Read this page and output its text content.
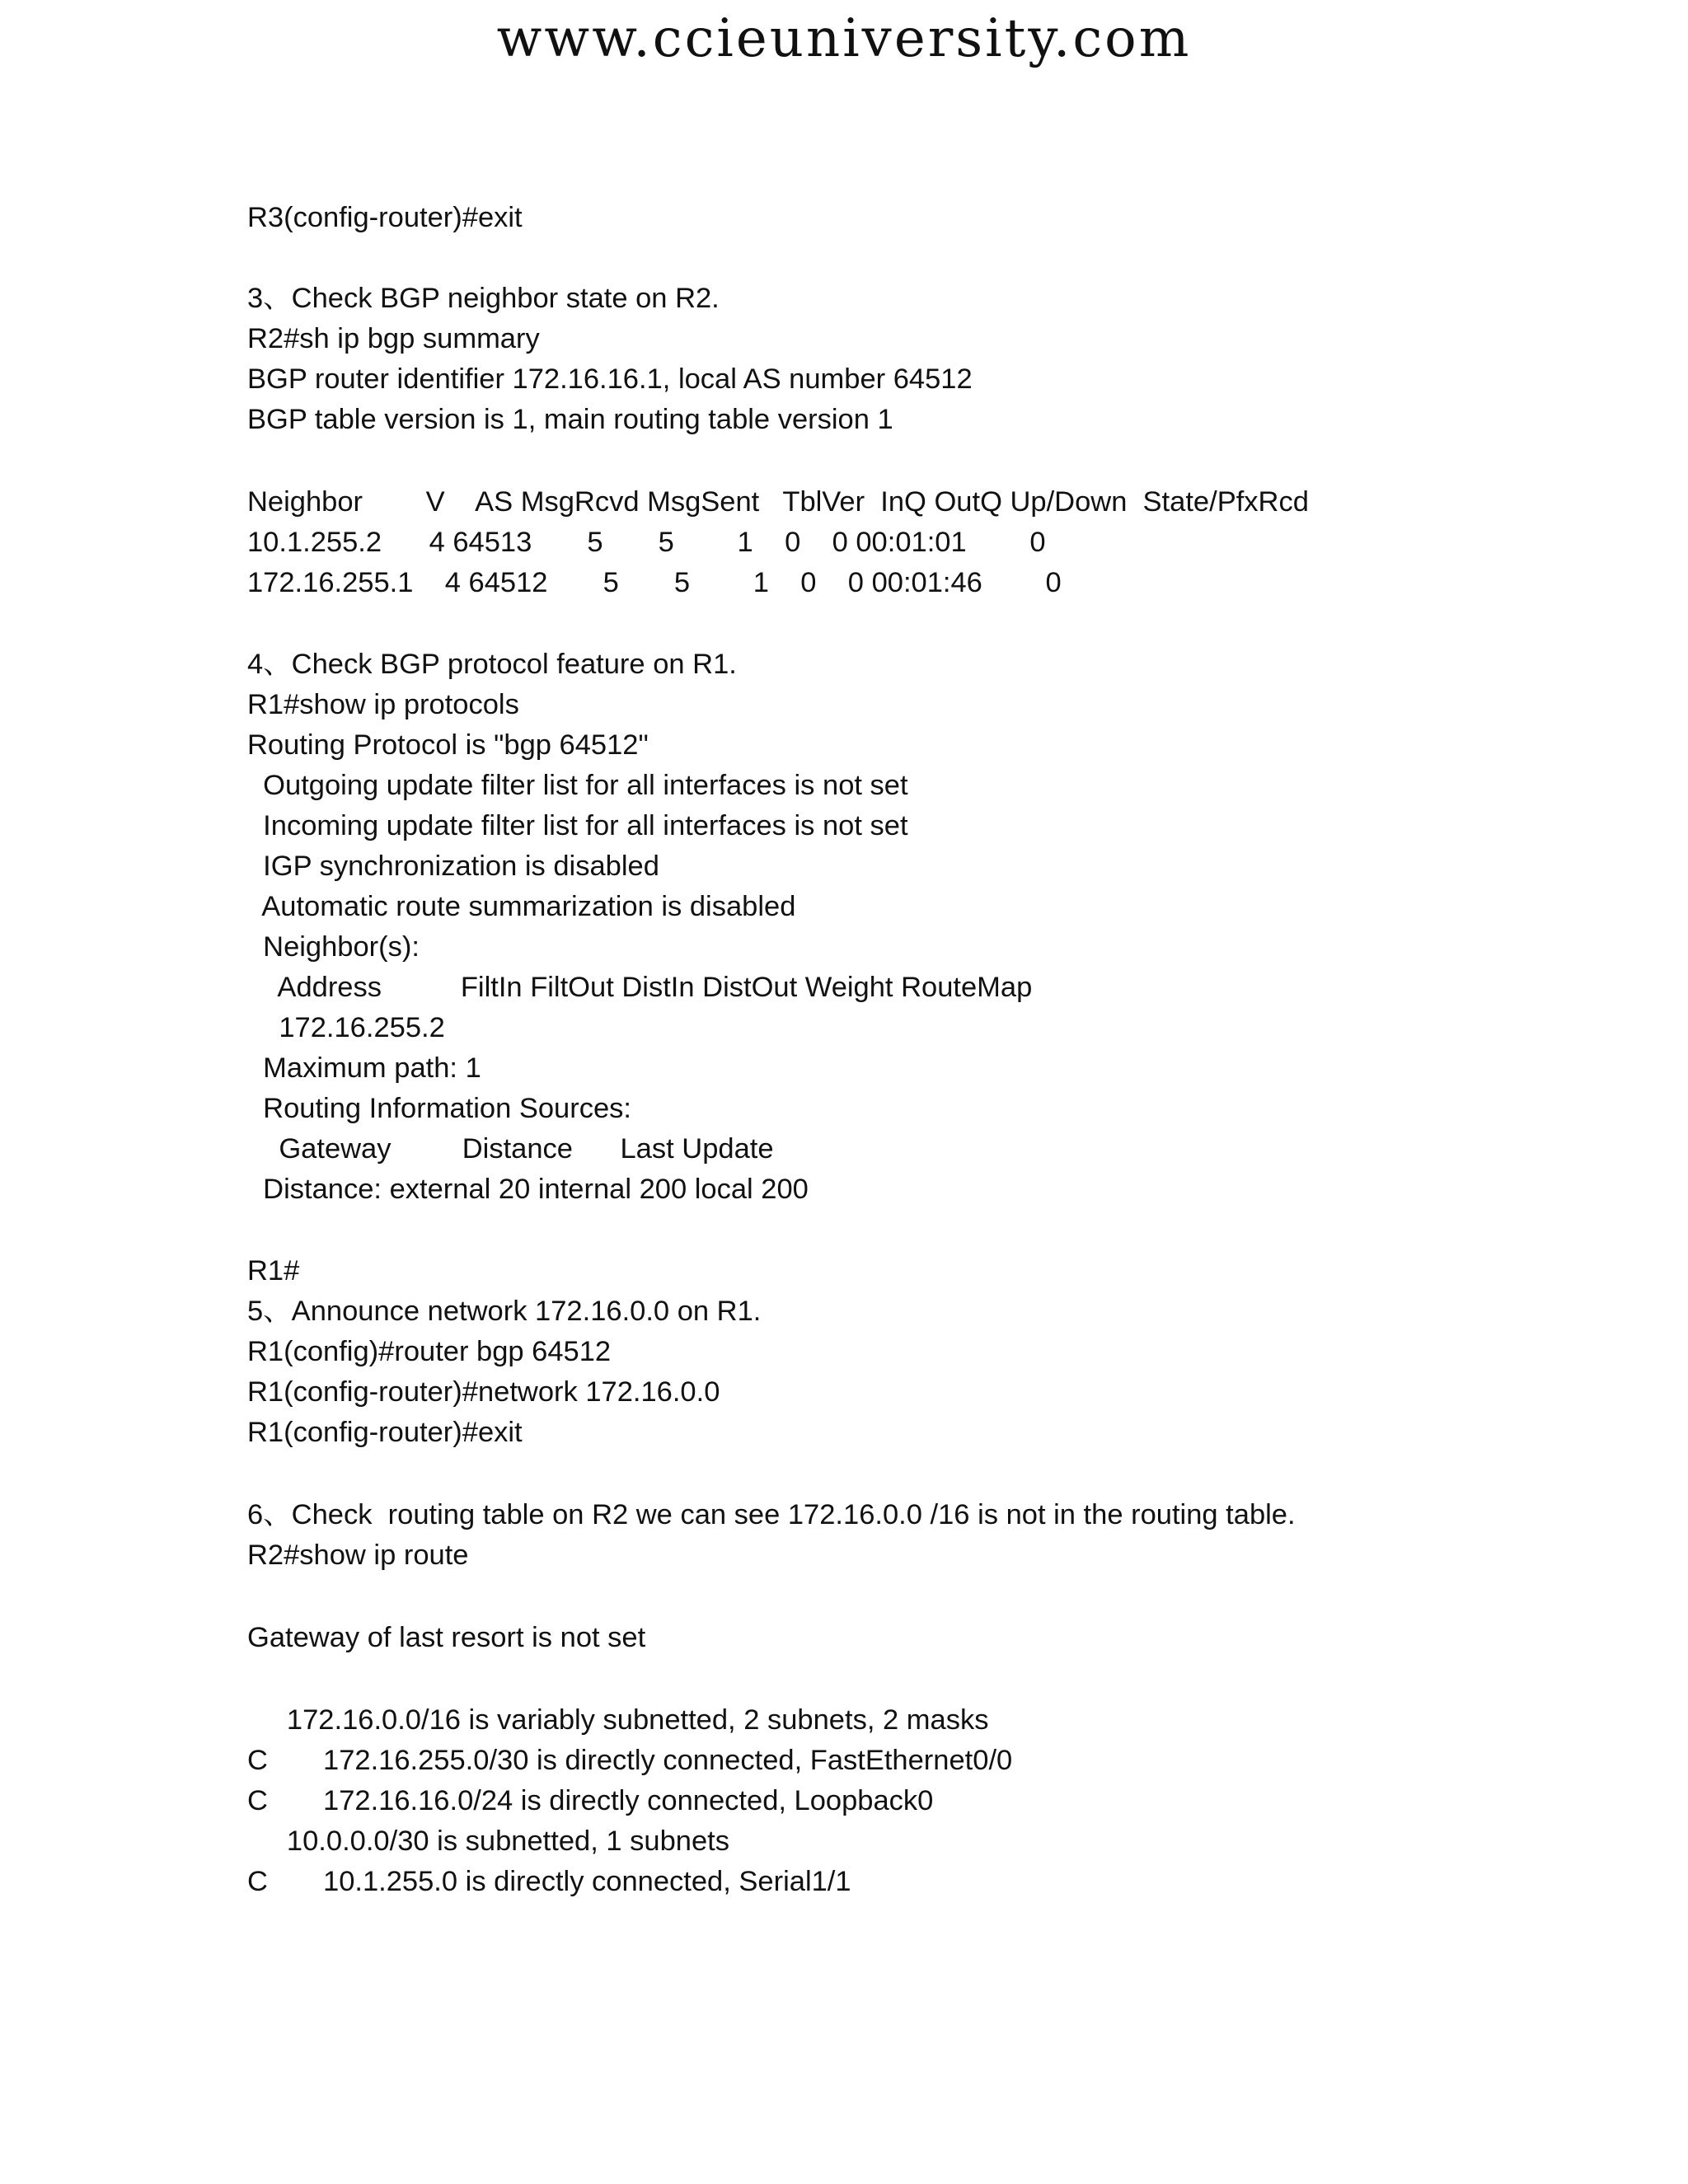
www.ccieuniversity.com
R3(config-router)#exit
3、Check BGP neighbor state on R2.
R2#sh ip bgp summary
BGP router identifier 172.16.16.1, local AS number 64512
BGP table version is 1, main routing table version 1
Neighbor        V    AS MsgRcvd MsgSent   TblVer  InQ OutQ Up/Down  State/PfxRcd
10.1.255.2      4 64513       5       5        1    0    0 00:01:01        0
172.16.255.1    4 64512       5       5        1    0    0 00:01:46        0
4、Check BGP protocol feature on R1.
R1#show ip protocols
Routing Protocol is "bgp 64512"
Outgoing update filter list for all interfaces is not set
Incoming update filter list for all interfaces is not set
IGP synchronization is disabled
Automatic route summarization is disabled
Neighbor(s):
Address          FiltIn FiltOut DistIn DistOut Weight RouteMap
172.16.255.2
Maximum path: 1
Routing Information Sources:
Gateway         Distance      Last Update
Distance: external 20 internal 200 local 200
R1#
5、Announce network 172.16.0.0 on R1.
R1(config)#router bgp 64512
R1(config-router)#network 172.16.0.0
R1(config-router)#exit
6、Check  routing table on R2 we can see 172.16.0.0 /16 is not in the routing table.
R2#show ip route
Gateway of last resort is not set
172.16.0.0/16 is variably subnetted, 2 subnets, 2 masks
C       172.16.255.0/30 is directly connected, FastEthernet0/0
C       172.16.16.0/24 is directly connected, Loopback0
10.0.0.0/30 is subnetted, 1 subnets
C       10.1.255.0 is directly connected, Serial1/1
